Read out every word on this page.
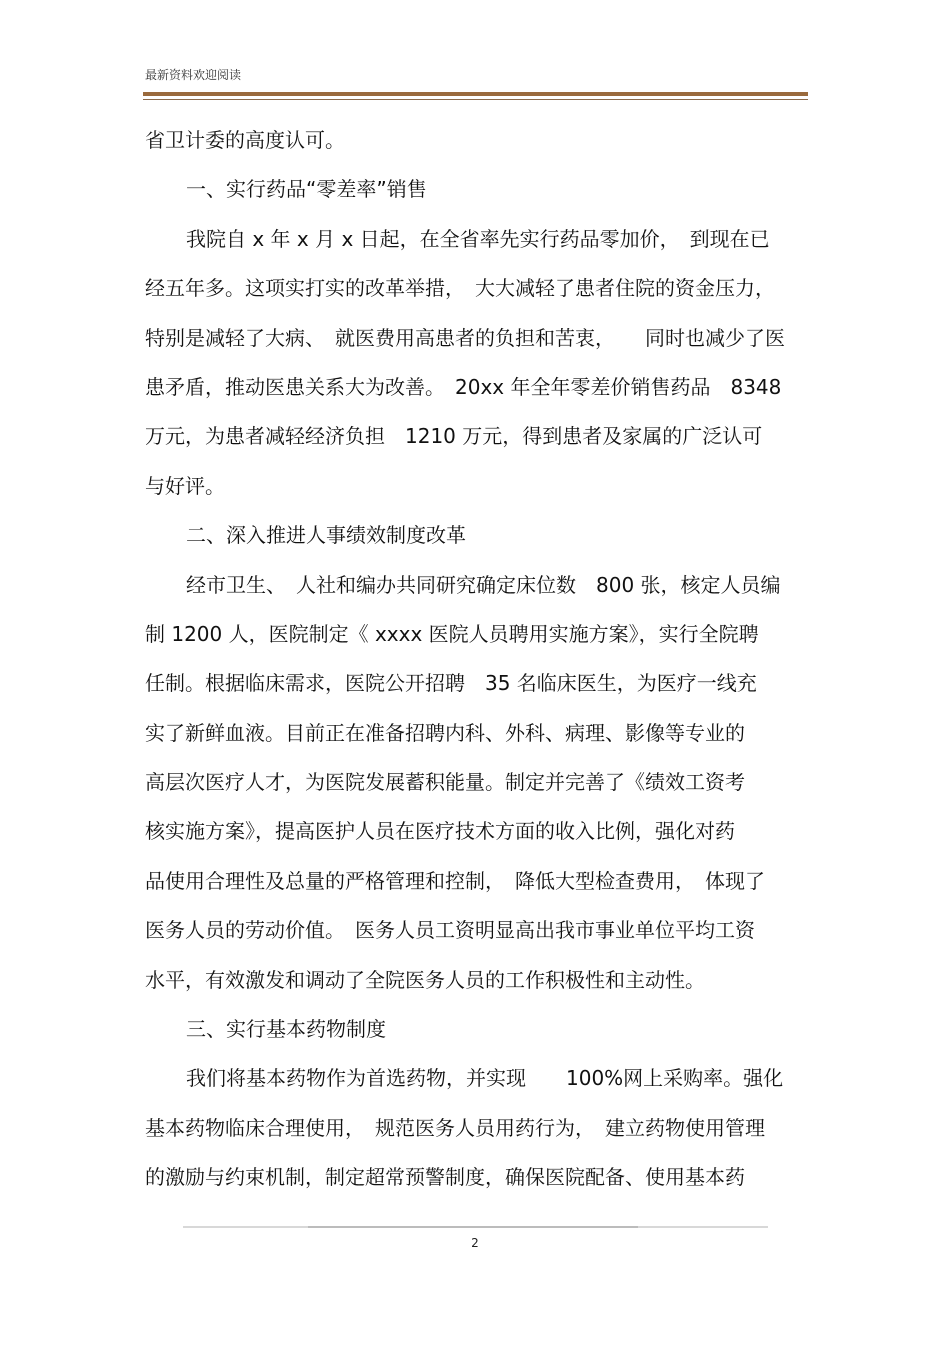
最新资料欢迎阅读
省卫计委的高度认可。
一、实行药品“零差率”销售
我院自 x 年 x 月 x 日起，在全省率先实行药品零加价，　到现在已
经五年多。这项实打实的改革举措，　大大减轻了患者住院的资金压力，
特别是减轻了大病、　就医费用高患者的负担和苦衷，　　同时也减少了医
患矛盾，推动医患关系大为改善。　20xx 年全年零差价销售药品　8348
万元，为患者减轻经济负担　1210 万元，得到患者及家属的广泛认可
与好评。
二、深入推进人事绩效制度改革
经市卫生、　人社和编办共同研究确定床位数　800 张，核定人员编
制 1200 人，医院制定《 xxxx 医院人员聘用实施方案》，实行全院聘
任制。根据临床需求，医院公开招聘　35 名临床医生，为医疗一线充
实了新鲜血液。目前正在准备招聘内科、外科、病理、影像等专业的
高层次医疗人才，为医院发展蓄积能量。制定并完善了《绩效工资考
核实施方案》，提高医护人员在医疗技术方面的收入比例，强化对药
品使用合理性及总量的严格管理和控制，　降低大型检查费用，　体现了
医务人员的劳动价值。　医务人员工资明显高出我市事业单位平均工资
水平，有效激发和调动了全院医务人员的工作积极性和主动性。
三、实行基本药物制度
我们将基本药物作为首选药物，并实现　　100%网上采购率。强化
基本药物临床合理使用，　规范医务人员用药行为，　建立药物使用管理
的激励与约束机制，制定超常预警制度，确保医院配备、使用基本药
2
